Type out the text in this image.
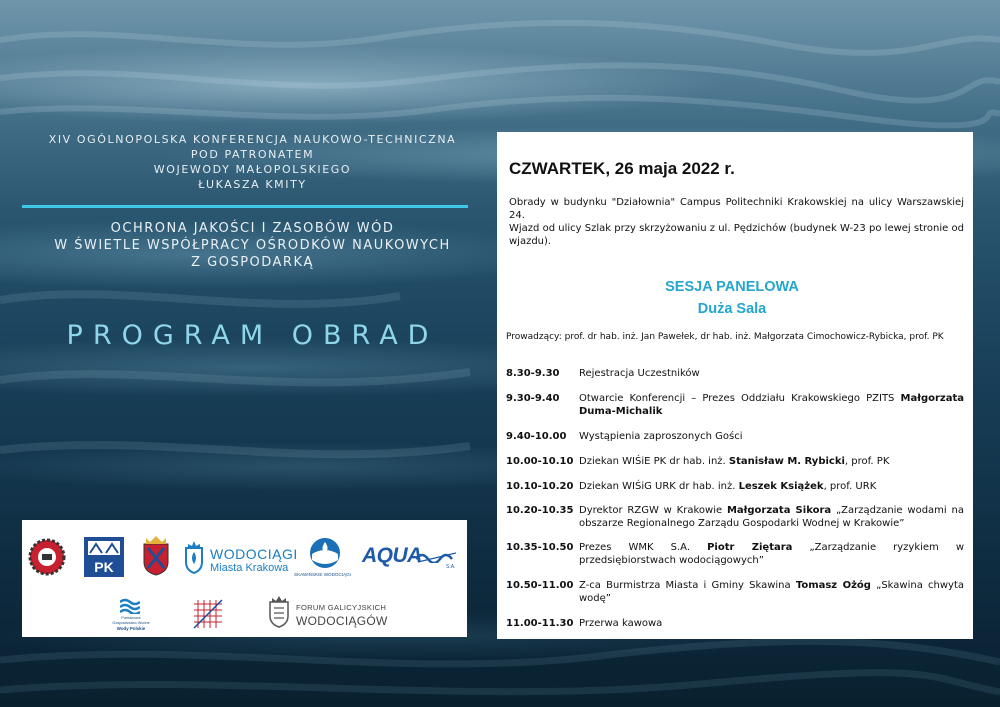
XIV OGÓLNOPOLSKA KONFERENCJA NAUKOWO-TECHNICZNA
POD PATRONATEM
WOJEWODY MAŁOPOLSKIEGO
ŁUKASZA KMITY
OCHRONA JAKOŚCI I ZASOBÓW WÓD
W ŚWIETLE WSPÓŁPRACY OŚRODKÓW NAUKOWYCH
Z GOSPODARKĄ
PROGRAM OBRAD
PK
WODOCIĄGI
Miasta Krakowa
SKAWIŃSKIE WODOCIĄGI
AQUA	S.A.
Państwowe
Gospodarstwo Wodne
Wody Polskie
FORUM GALICYJSKICH
WODOCIĄGÓW
CZWARTEK, 26 maja 2022 r.

Obrady w budynku "Działownia" Campus Politechniki Krakowskiej na ulicy Warszawskiej 24.

Wjazd od ulicy Szlak przy skrzyżowaniu z ul. Pędzichów (budynek W-23 po lewej stronie od wjazdu).

SESJA PANELOWA
Duża Sala
Prowadzący: prof. dr hab. inż. Jan Pawełek, dr hab. inż. Małgorzata Cimochowicz-Rybicka, prof. PK
8.30-9.30	Rejestracja Uczestników
9.30-9.40	Otwarcie Konferencji – Prezes Oddziału Krakowskiego PZITS Małgorzata Duma-Michalik
9.40-10.00	Wystąpienia zaproszonych Gości
10.00-10.10 Dziekan WIŚiE PK dr hab. inż. Stanisław M. Rybicki, prof. PK
10.10-10.20 Dziekan WIŚiG URK dr hab. inż. Leszek Książek, prof. URK
10.20-10.35 Dyrektor RZGW w Krakowie Małgorzata Sikora „Zarządzanie wodami na obszarze Regionalnego Zarządu Gospodarki Wodnej w Krakowie”
10.35-10.50 Prezes WMK S.A. Piotr Ziętara „Zarządzanie ryzykiem w przedsiębiorstwach wodociągowych”
10.50-11.00 Z-ca Burmistrza Miasta i Gminy Skawina Tomasz Ożóg „Skawina chwyta wodę”
11.00-11.30 Przerwa kawowa
